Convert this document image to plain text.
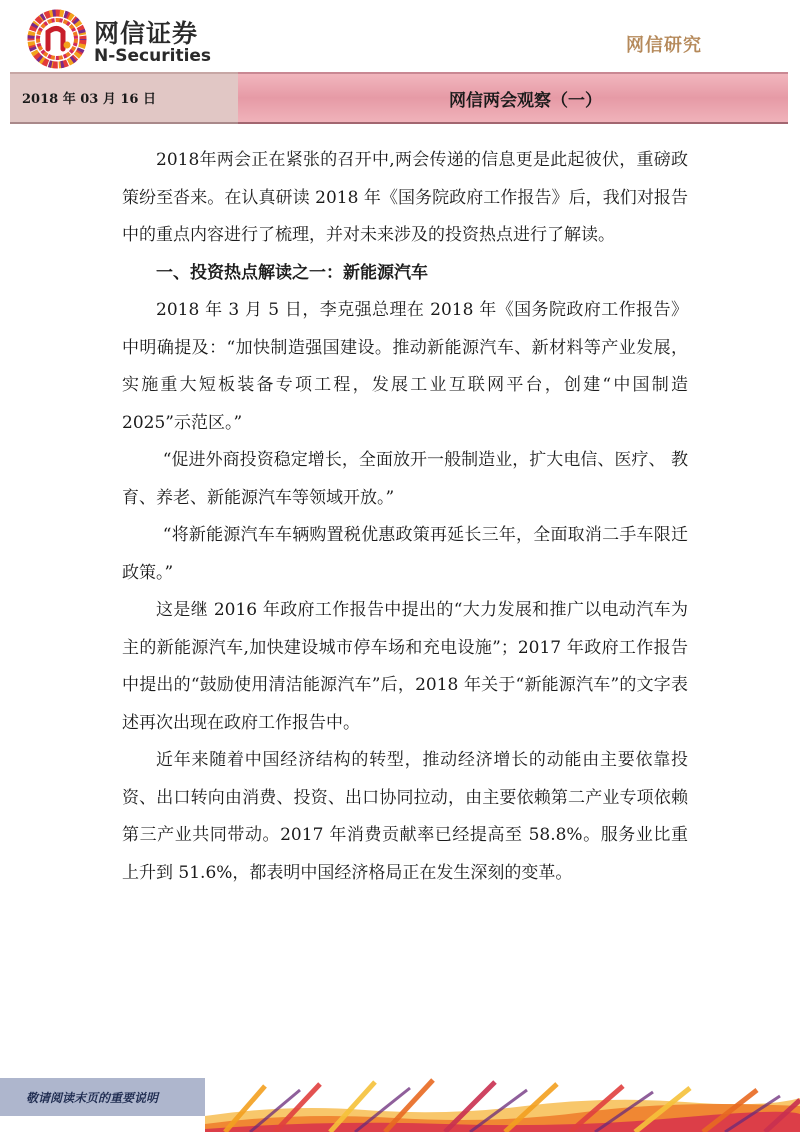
网信证券
N-Securities	网信研究
2018 年 03 月 16 日	网信两会观察（一）

2018年两会正在紧张的召开中,两会传递的信息更是此起彼伏，重磅政策纷至沓来。在认真研读 2018 年《国务院政府工作报告》后，我们对报告中的重点内容进行了梳理，并对未来涉及的投资热点进行了解读。

一、投资热点解读之一：新能源汽车

2018 年 3 月 5 日，李克强总理在 2018 年《国务院政府工作报告》中明确提及：“加快制造强国建设。推动新能源汽车、新材料等产业发展， 实施重大短板装备专项工程，发展工业互联网平台，创建“中国制造 2025”示范区。”

“促进外商投资稳定增长，全面放开一般制造业，扩大电信、医疗、 教育、养老、新能源汽车等领域开放。”

“将新能源汽车车辆购置税优惠政策再延长三年，全面取消二手车限迁政策。”

这是继 2016 年政府工作报告中提出的“大力发展和推广以电动汽车为主的新能源汽车,加快建设城市停车场和充电设施”；2017 年政府工作报告中提出的“鼓励使用清洁能源汽车”后，2018 年关于“新能源汽车”的文字表述再次出现在政府工作报告中。

近年来随着中国经济结构的转型，推动经济增长的动能由主要依靠投资、出口转向由消费、投资、出口协同拉动，由主要依赖第二产业专项依赖第三产业共同带动。2017 年消费贡献率已经提高至 58.8%。服务业比重上升到 51.6%，都表明中国经济格局正在发生深刻的变革。

敬请阅读末页的重要说明
